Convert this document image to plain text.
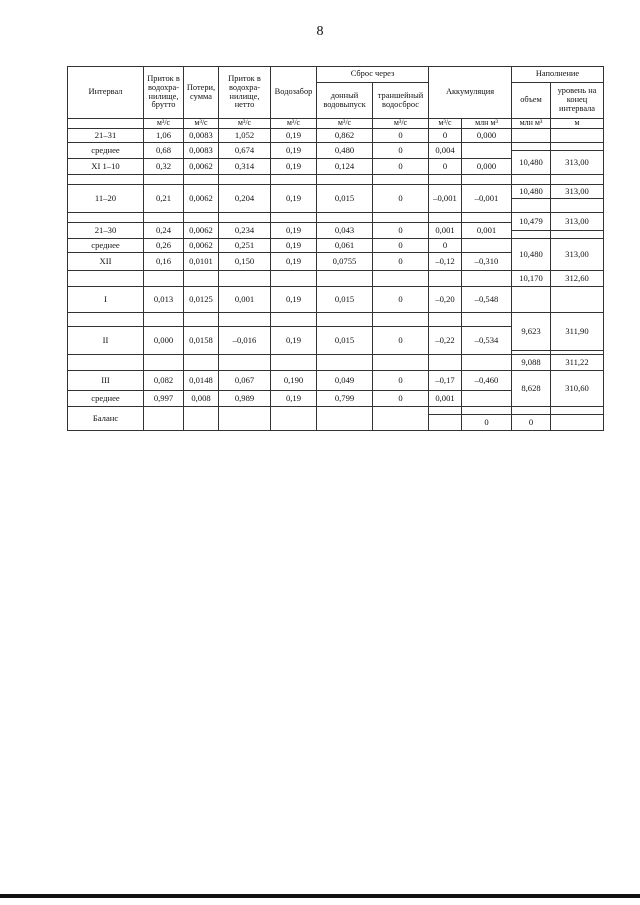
8
Интервал	Приток в водохра-нилище, брутто	Потери, сумма	Приток в водохра-нилище, нетто	Водозабор	Сброс через		Аккумуляция		Наполнение	
					донный водовыпуск	траншейный водосброс			объем	уровень на конец интервала

	м³/с	м³/с	м³/с	м³/с	м³/с	м³/с	м³/с	млн м³	млн м³	м
21–31	1,06	0,0083	1,052	0,19	0,862	0	0	0,000		
среднее	0,68	0,0083	0,674	0,19	0,480	0	0,004			
									10,480	313,00
XI 1–10	0,32	0,0062	0,314	0,19	0,124	0	0	0,000		

11–20	0,21	0,0062	0,204	0,19	0,015	0	–0,001	–0,001	10,480	313,00

									10,479	313,00
21–30	0,24	0,0062	0,234	0,19	0,043	0	0,001	0,001		

среднее	0,26	0,0062	0,251	0,19	0,061	0	0		10,480	313,00
XII	0,16	0,0101	0,150	0,19	0,0755	0	–0,12	–0,310		
									10,170	312,60
I	0,013	0,0125	0,001	0,19	0,015	0	–0,20	–0,548		
									9,623	311,90
II	0,000	0,0158	–0,016	0,19	0,015	0	–0,22	–0,534		

									9,088	311,22
III	0,082	0,0148	0,067	0,190	0,049	0	–0,17	–0,460	8,628	310,60
среднее	0,997	0,008	0,989	0,19	0,799	0	0,001			
Баланс										
								0	0	
